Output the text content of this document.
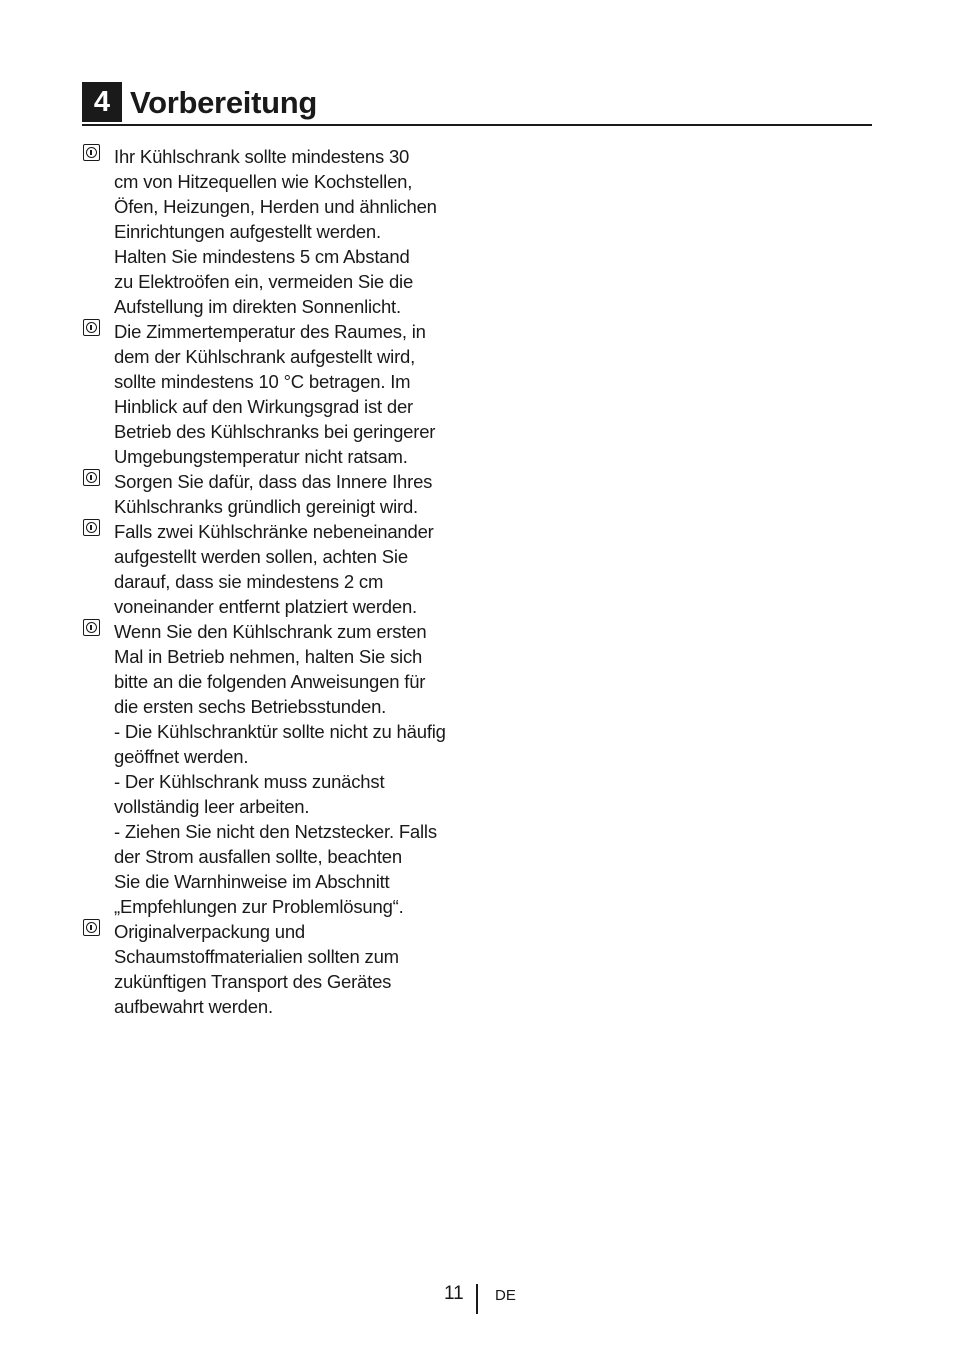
4 Vorbereitung
Ihr Kühlschrank sollte mindestens 30
cm von Hitzequellen wie Kochstellen,
Öfen, Heizungen, Herden und ähnlichen
Einrichtungen aufgestellt werden.
Halten Sie mindestens 5 cm Abstand
zu Elektroöfen ein, vermeiden Sie die
Aufstellung im direkten Sonnenlicht.
Die Zimmertemperatur des Raumes, in
dem der Kühlschrank aufgestellt wird,
sollte mindestens 10 °C betragen. Im
Hinblick auf den Wirkungsgrad ist der
Betrieb des Kühlschranks bei geringerer
Umgebungstemperatur nicht ratsam.
Sorgen Sie dafür, dass das Innere Ihres
Kühlschranks gründlich gereinigt wird.
Falls zwei Kühlschränke nebeneinander
aufgestellt werden sollen, achten Sie
darauf, dass sie mindestens 2 cm
voneinander entfernt platziert werden.
Wenn Sie den Kühlschrank zum ersten
Mal in Betrieb nehmen, halten Sie sich
bitte an die folgenden Anweisungen für
die ersten sechs Betriebsstunden.
- Die Kühlschranktür sollte nicht zu häufig
geöffnet werden.
- Der Kühlschrank muss zunächst
vollständig leer arbeiten.
- Ziehen Sie nicht den Netzstecker. Falls
der Strom ausfallen sollte, beachten
Sie die Warnhinweise im Abschnitt
„Empfehlungen zur Problemlösung“.
Originalverpackung und
Schaumstoffmaterialien sollten zum
zukünftigen Transport des Gerätes
aufbewahrt werden.
11 DE
